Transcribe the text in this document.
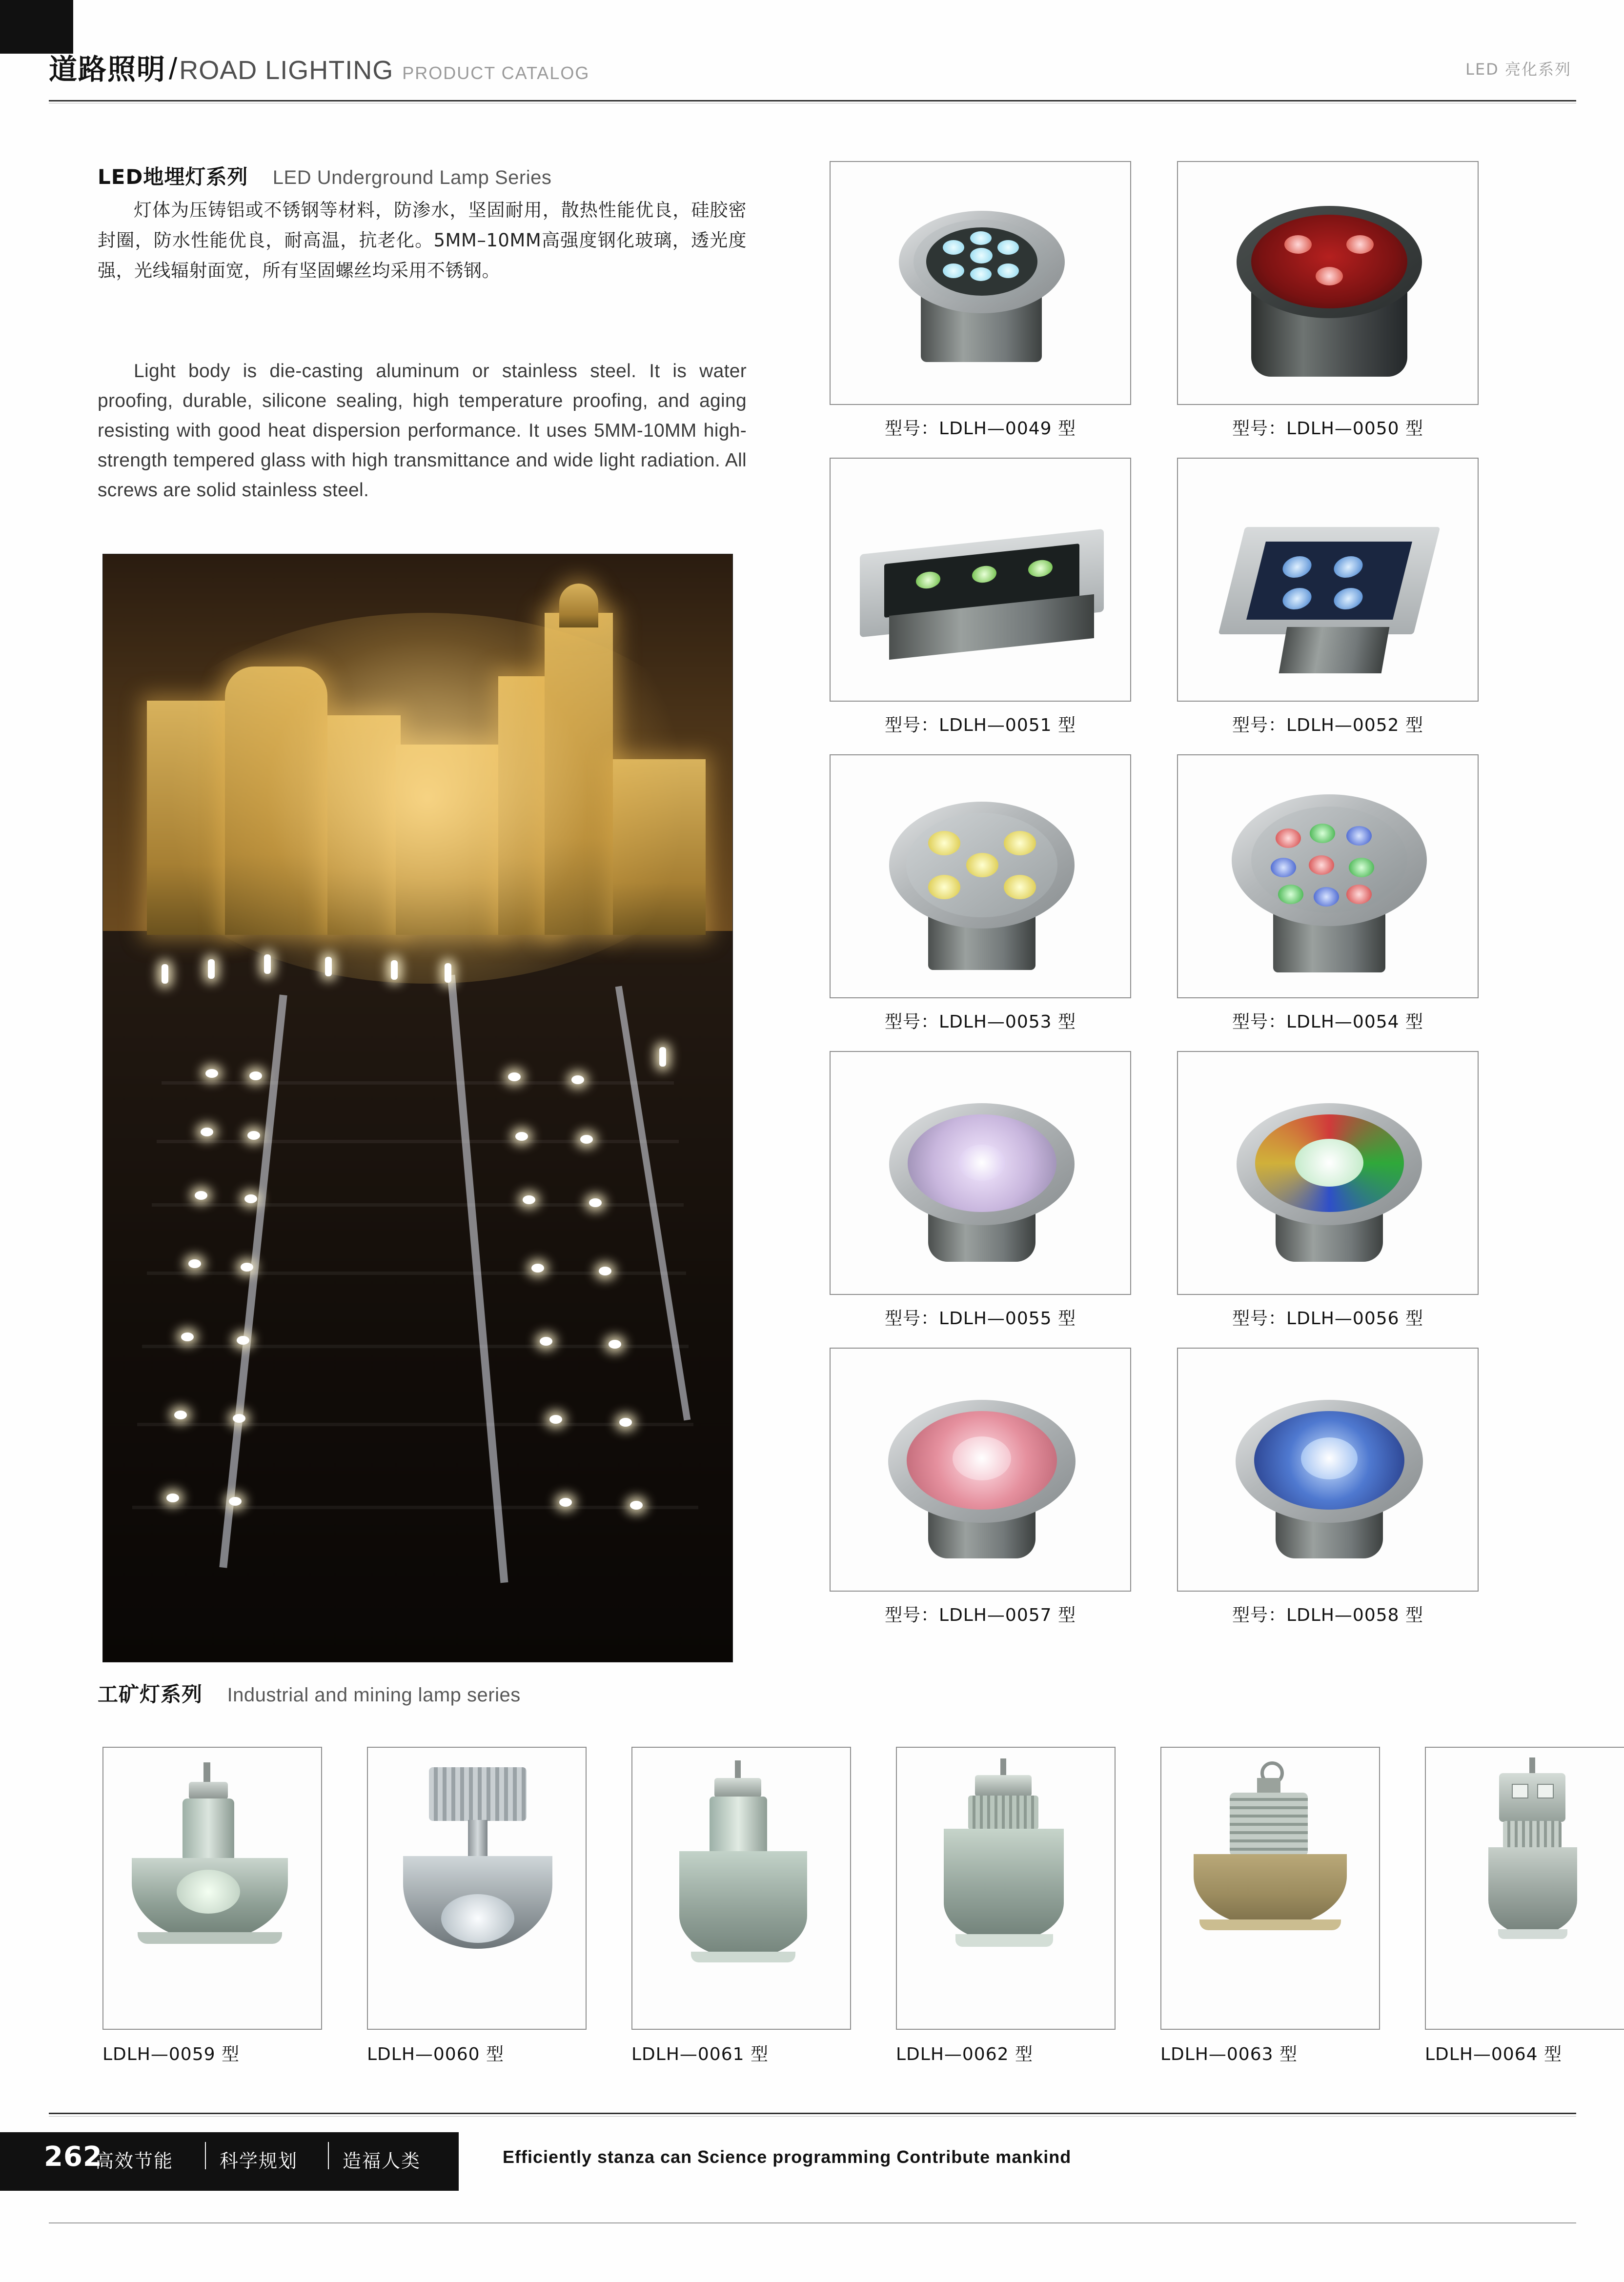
道路照明 / ROAD LIGHTING PRODUCT CATALOG	LED 亮化系列
LED地埋灯系列 LED Underground Lamp Series
灯体为压铸铝或不锈钢等材料，防渗水，坚固耐用，散热性能优良，硅胶密封圈，防水性能优良，耐高温，抗老化。5MM–10MM高强度钢化玻璃，透光度强，光线辐射面宽，所有坚固螺丝均采用不锈钢。
Light body is die-casting aluminum or stainless steel. It is water proofing, durable, silicone sealing, high temperature proofing, and aging resisting with good heat dispersion performance. It uses 5MM-10MM high-strength tempered glass with high transmittance and wide light radiation. All screws are solid stainless steel.
型号：LDLH—0049 型	型号：LDLH—0050 型
型号：LDLH—0051 型	型号：LDLH—0052 型
型号：LDLH—0053 型	型号：LDLH—0054 型
型号：LDLH—0055 型	型号：LDLH—0056 型
型号：LDLH—0057 型	型号：LDLH—0058 型
工矿灯系列 Industrial and mining lamp series
LDLH—0059 型	LDLH—0060 型	LDLH—0061 型	LDLH—0062 型	LDLH—0063 型	LDLH—0064 型
262
高效节能 科学规划 造福人类	Efficiently stanza can Science programming Contribute mankind
